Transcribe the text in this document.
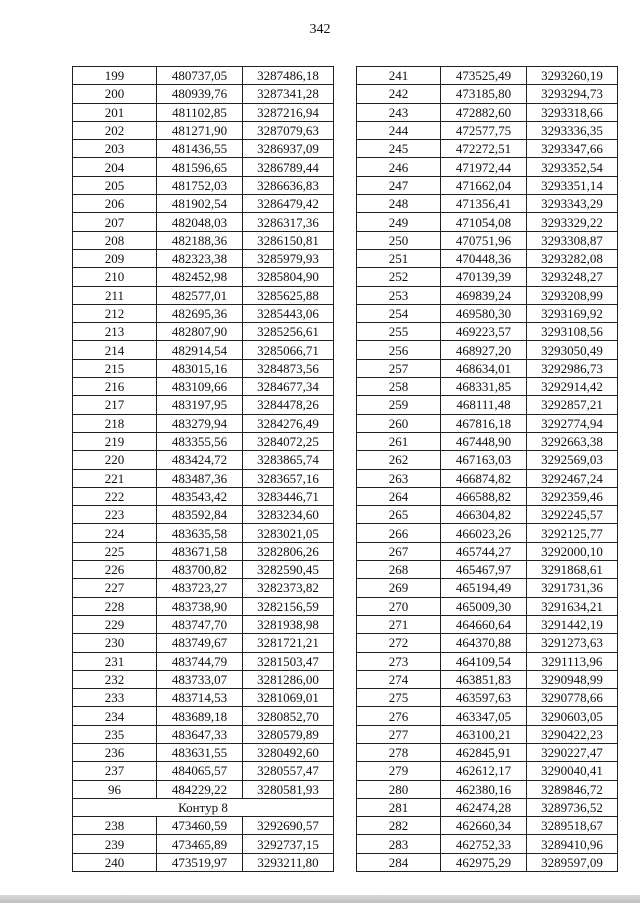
342
199	480737,05	3287486,18
200	480939,76	3287341,28
201	481102,85	3287216,94
202	481271,90	3287079,63
203	481436,55	3286937,09
204	481596,65	3286789,44
205	481752,03	3286636,83
206	481902,54	3286479,42
207	482048,03	3286317,36
208	482188,36	3286150,81
209	482323,38	3285979,93
210	482452,98	3285804,90
211	482577,01	3285625,88
212	482695,36	3285443,06
213	482807,90	3285256,61
214	482914,54	3285066,71
215	483015,16	3284873,56
216	483109,66	3284677,34
217	483197,95	3284478,26
218	483279,94	3284276,49
219	483355,56	3284072,25
220	483424,72	3283865,74
221	483487,36	3283657,16
222	483543,42	3283446,71
223	483592,84	3283234,60
224	483635,58	3283021,05
225	483671,58	3282806,26
226	483700,82	3282590,45
227	483723,27	3282373,82
228	483738,90	3282156,59
229	483747,70	3281938,98
230	483749,67	3281721,21
231	483744,79	3281503,47
232	483733,07	3281286,00
233	483714,53	3281069,01
234	483689,18	3280852,70
235	483647,33	3280579,89
236	483631,55	3280492,60
237	484065,57	3280557,47
96	484229,22	3280581,93
Контур 8		
238	473460,59	3292690,57
239	473465,89	3292737,15
240	473519,97	3293211,80
241	473525,49	3293260,19
242	473185,80	3293294,73
243	472882,60	3293318,66
244	472577,75	3293336,35
245	472272,51	3293347,66
246	471972,44	3293352,54
247	471662,04	3293351,14
248	471356,41	3293343,29
249	471054,08	3293329,22
250	470751,96	3293308,87
251	470448,36	3293282,08
252	470139,39	3293248,27
253	469839,24	3293208,99
254	469580,30	3293169,92
255	469223,57	3293108,56
256	468927,20	3293050,49
257	468634,01	3292986,73
258	468331,85	3292914,42
259	468111,48	3292857,21
260	467816,18	3292774,94
261	467448,90	3292663,38
262	467163,03	3292569,03
263	466874,82	3292467,24
264	466588,82	3292359,46
265	466304,82	3292245,57
266	466023,26	3292125,77
267	465744,27	3292000,10
268	465467,97	3291868,61
269	465194,49	3291731,36
270	465009,30	3291634,21
271	464660,64	3291442,19
272	464370,88	3291273,63
273	464109,54	3291113,96
274	463851,83	3290948,99
275	463597,63	3290778,66
276	463347,05	3290603,05
277	463100,21	3290422,23
278	462845,91	3290227,47
279	462612,17	3290040,41
280	462380,16	3289846,72
281	462474,28	3289736,52
282	462660,34	3289518,67
283	462752,33	3289410,96
284	462975,29	3289597,09
